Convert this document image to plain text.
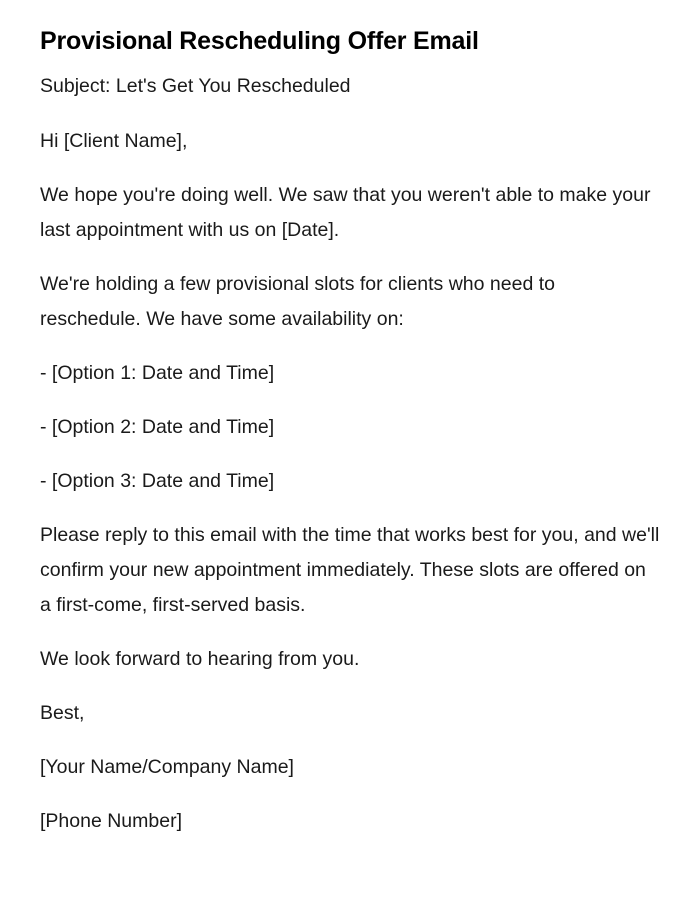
Provisional Rescheduling Offer Email

Subject: Let's Get You Rescheduled

Hi [Client Name],

We hope you're doing well. We saw that you weren't able to make your last appointment with us on [Date].

We're holding a few provisional slots for clients who need to reschedule. We have some availability on:

- [Option 1: Date and Time]

- [Option 2: Date and Time]

- [Option 3: Date and Time]

Please reply to this email with the time that works best for you, and we'll confirm your new appointment immediately. These slots are offered on a first-come, first-served basis.

We look forward to hearing from you.

Best,

[Your Name/Company Name]

[Phone Number]
